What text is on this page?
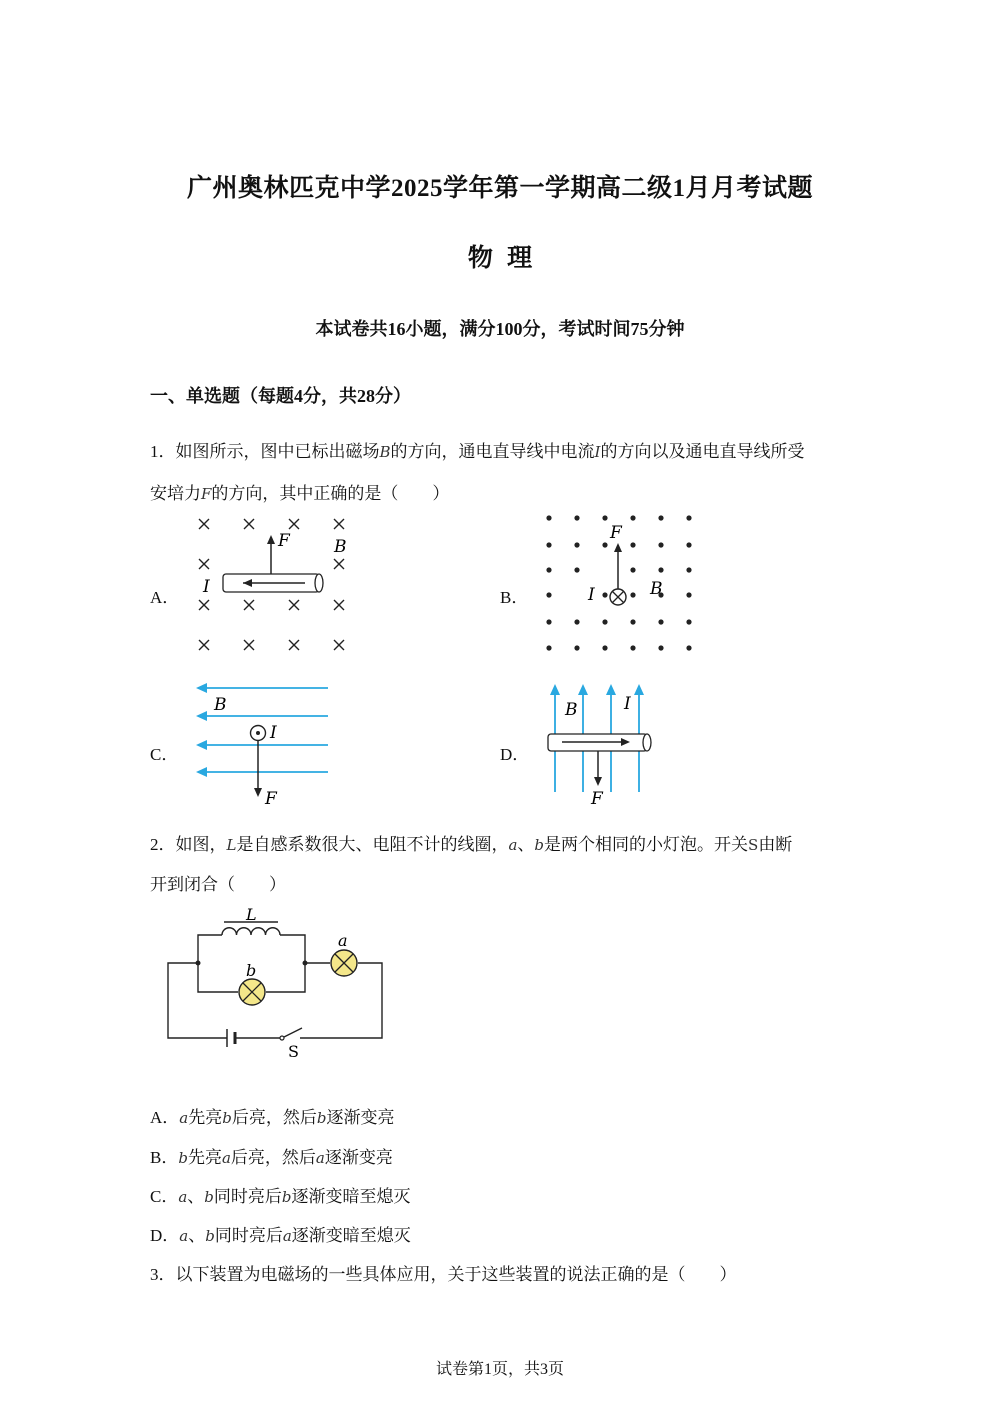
广州奥林匹克中学2025学年第一学期高二级1月月考试题
物 理
本试卷共16小题，满分100分，考试时间75分钟
一、单选题（每题4分，共28分）
1．如图所示，图中已标出磁场B的方向，通电直导线中电流I的方向以及通电直导线所受
安培力F的方向，其中正确的是（　　）
A．	B．
C．	D．
F	B
I
F
I	B
B
I
F
B	I
F
2．如图，L是自感系数很大、电阻不计的线圈，a、b是两个相同的小灯泡。开关S由断
开到闭合（　　）
L
a
b
S
A．a先亮b后亮，然后b逐渐变亮
B．b先亮a后亮，然后a逐渐变亮
C．a、b同时亮后b逐渐变暗至熄灭
D．a、b同时亮后a逐渐变暗至熄灭
3．以下装置为电磁场的一些具体应用，关于这些装置的说法正确的是（　　）
试卷第1页，共3页
